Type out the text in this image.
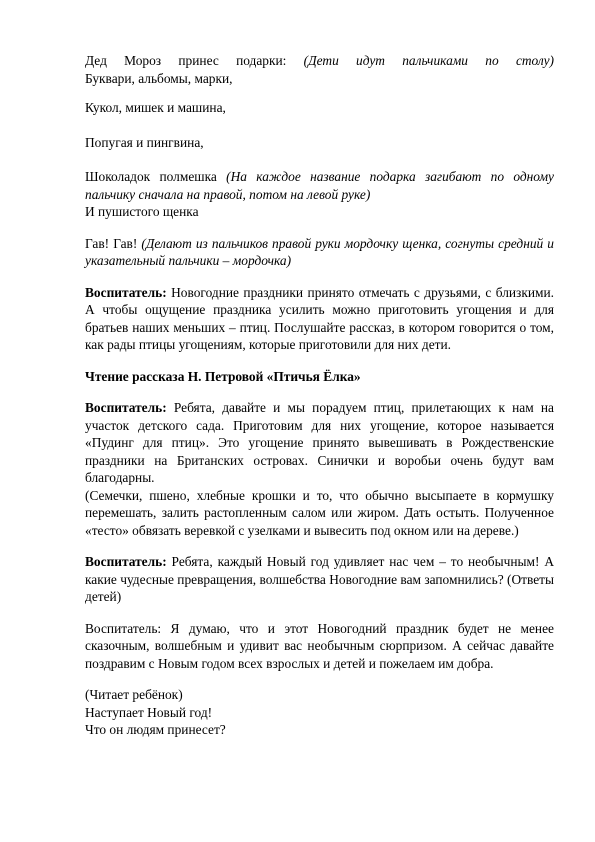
Дед Мороз принес подарки: (Дети идут пальчиками по столу)

Буквари, альбомы, марки,

Кукол, мишек и машина,

Попугая и пингвина,

Шоколадок полмешка (На каждое название подарка загибают по одному пальчику сначала на правой, потом на левой руке)

И пушистого щенка

Гав! Гав! (Делают из пальчиков правой руки мордочку щенка, согнуты средний и указательный пальчики – мордочка)

Воспитатель: Новогодние праздники принято отмечать с друзьями, с близкими. А чтобы ощущение праздника усилить можно приготовить угощения и для братьев наших меньших – птиц. Послушайте рассказ, в котором говорится о том, как рады птицы угощениям, которые приготовили для них дети.

Чтение рассказа Н. Петровой «Птичья Ёлка»

Воспитатель: Ребята, давайте и мы порадуем птиц, прилетающих к нам на участок детского сада. Приготовим для них угощение, которое называется «Пудинг для птиц». Это угощение принято вывешивать в Рождественские праздники на Британских островах. Синички и воробьи очень будут вам благодарны.

(Семечки, пшено, хлебные крошки и то, что обычно высыпаете в кормушку перемешать, залить растопленным салом или жиром. Дать остыть. Полученное «тесто» обвязать веревкой с узелками и вывесить под окном или на дереве.)

Воспитатель: Ребята, каждый Новый год удивляет нас чем – то необычным! А какие чудесные превращения, волшебства Новогодние вам запомнились? (Ответы детей)

Воспитатель: Я думаю, что и этот Новогодний праздник будет не менее сказочным, волшебным и удивит вас необычным сюрпризом. А сейчас давайте поздравим с Новым годом всех взрослых и детей и пожелаем им добра.

(Читает ребёнок)

Наступает Новый год!

Что он людям принесет?
